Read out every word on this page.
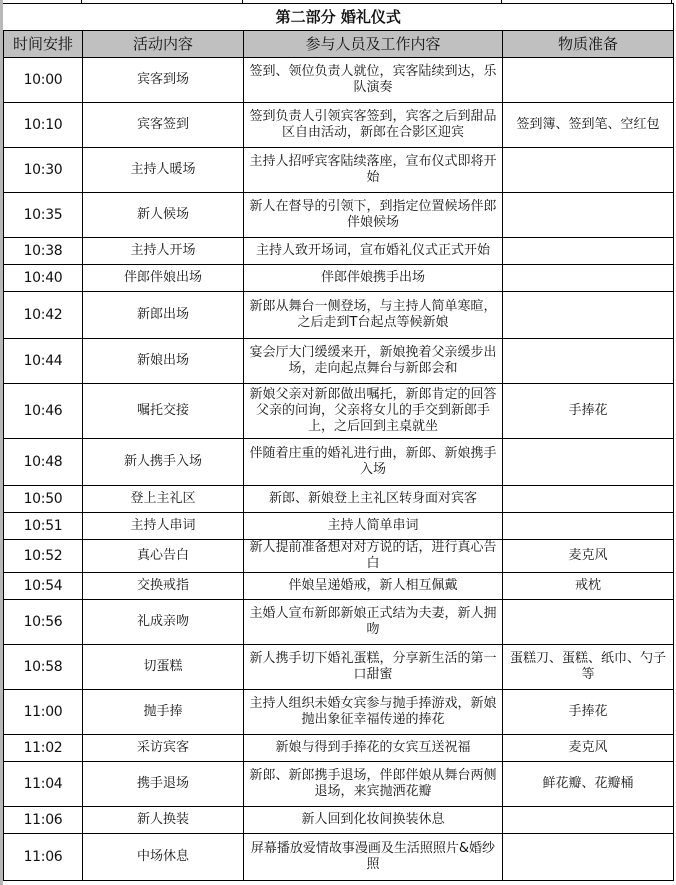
第二部分 婚礼仪式			
时间安排	活动内容	参与人员及工作内容	物质准备
10:00	宾客到场	签到、领位负责人就位，宾客陆续到达，乐队演奏	
10:10	宾客签到	签到负责人引领宾客签到，宾客之后到甜品区自由活动，新郎在合影区迎宾	签到簿、签到笔、空红包
10:30	主持人暖场	主持人招呼宾客陆续落座，宣布仪式即将开始	
10:35	新人候场	新人在督导的引领下，到指定位置候场伴郎伴娘候场	
10:38	主持人开场	主持人致开场词，宣布婚礼仪式正式开始	
10:40	伴郎伴娘出场	伴郎伴娘携手出场	
10:42	新郎出场	新郎从舞台一侧登场，与主持人简单寒暄，之后走到T台起点等候新娘	
10:44	新娘出场	宴会厅大门缓缓来开，新娘挽着父亲缓步出场，走向起点舞台与新郎会和	
10:46	嘱托交接	新娘父亲对新郎做出嘱托，新郎肯定的回答父亲的问询，父亲将女儿的手交到新郎手上，之后回到主桌就坐	手捧花
10:48	新人携手入场	伴随着庄重的婚礼进行曲，新郎、新娘携手入场	
10:50	登上主礼区	新郎、新娘登上主礼区转身面对宾客	
10:51	主持人串词	主持人简单串词	
10:52	真心告白	新人提前准备想对对方说的话，进行真心告白	麦克风
10:54	交换戒指	伴娘呈递婚戒，新人相互佩戴	戒枕
10:56	礼成亲吻	主婚人宣布新郎新娘正式结为夫妻，新人拥吻	
10:58	切蛋糕	新人携手切下婚礼蛋糕，分享新生活的第一口甜蜜	蛋糕刀、蛋糕、纸巾、勺子等
11:00	抛手捧	主持人组织未婚女宾参与抛手捧游戏，新娘抛出象征幸福传递的捧花	手捧花
11:02	采访宾客	新娘与得到手捧花的女宾互送祝福	麦克风
11:04	携手退场	新郎、新郎携手退场，伴郎伴娘从舞台两侧退场，来宾抛洒花瓣	鲜花瓣、花瓣桶
11:06	新人换装	新人回到化妆间换装休息	
11:06	中场休息	屏幕播放爱情故事漫画及生活照照片&婚纱照	
